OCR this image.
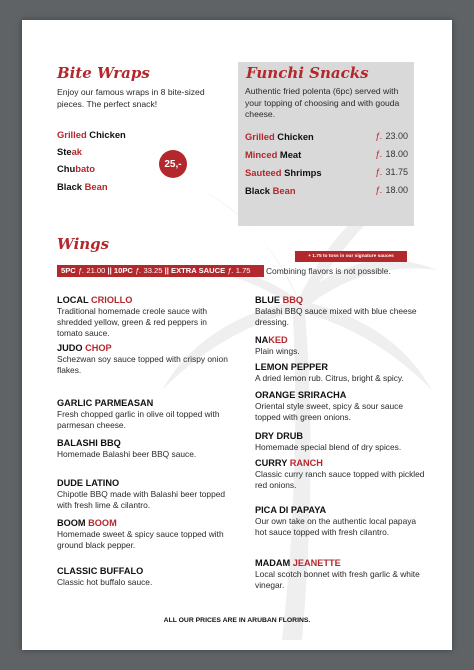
Bite Wraps
Enjoy our famous wraps in 8 bite-sized pieces. The perfect snack!
Grilled Chicken
Steak
Chubato
Black Bean
25,-
Funchi Snacks
Authentic fried polenta (6pc) served with your topping of choosing and with gouda cheese.
Grilled Chicken	ƒ. 23.00
Minced Meat	ƒ. 18.00
Sauteed Shrimps	ƒ. 31.75
Black Bean	ƒ. 18.00
+ 1.75 to toss in our signature sauces
Wings
5PC ƒ. 21.00 || 10PC ƒ. 33.25 || EXTRA SAUCE ƒ. 1.75	Combining flavors is not possible.

LOCAL CRIOLLO

Traditional homemade creole sauce with shredded yellow, green & red peppers in tomato sauce.

JUDO CHOP

Schezwan soy sauce topped with crispy onion flakes.

GARLIC PARMEASAN

Fresh chopped garlic in olive oil topped with parmesan cheese.

BALASHI BBQ

Homemade Balashi beer BBQ sauce.

DUDE LATINO

Chipotle BBQ made with Balashi beer topped with fresh lime & cilantro.

BOOM BOOM

Homemade sweet & spicy sauce topped with ground black pepper.

CLASSIC BUFFALO

Classic hot buffalo sauce.

BLUE BBQ

Balashi BBQ sauce mixed with blue cheese dressing.

NAKED

Plain wings.

LEMON PEPPER

A dried lemon rub. Citrus, bright & spicy.

ORANGE SRIRACHA

Oriental style sweet, spicy & sour sauce topped with green onions.

DRY DRUB

Homemade special blend of dry spices.

CURRY RANCH

Classic curry ranch sauce topped with pickled red onions.

PICA DI PAPAYA

Our own take on the authentic local papaya hot sauce topped with fresh cilantro.

MADAM JEANETTE

Local scotch bonnet with fresh garlic & white vinegar.

ALL OUR PRICES ARE IN ARUBAN FLORINS.
